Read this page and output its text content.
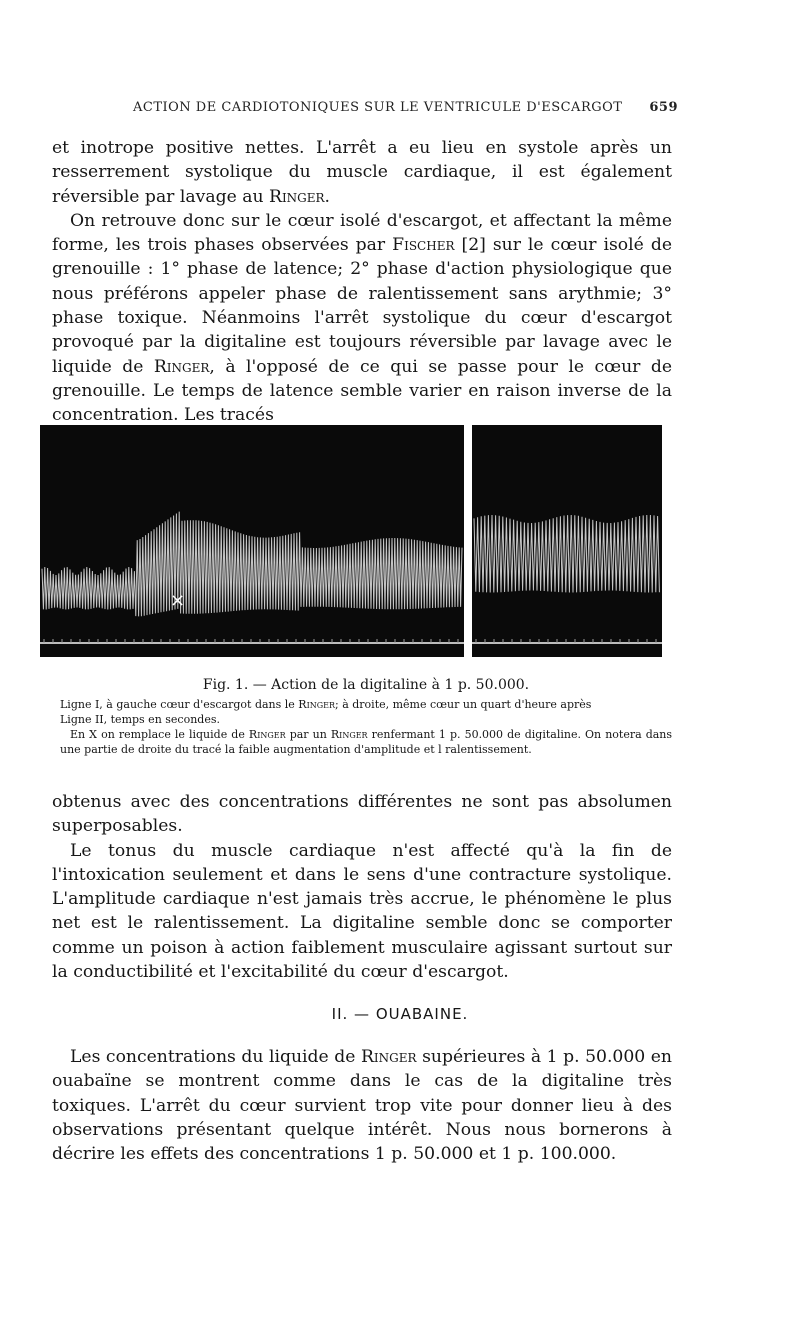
ACTION DE CARDIOTONIQUES SUR LE VENTRICULE D'ESCARGOT 659

et inotrope positive nettes. L'arrêt a eu lieu en systole après un resserrement systolique du muscle cardiaque, il est également réversible par lavage au Ringer.

On retrouve donc sur le cœur isolé d'escargot, et affectant la même forme, les trois phases observées par Fischer [2] sur le cœur isolé de grenouille : 1° phase de latence; 2° phase d'action physiologique que nous préférons appeler phase de ralentissement sans arythmie; 3° phase toxique. Néanmoins l'arrêt systolique du cœur d'escargot provoqué par la digitaline est toujours réversible par lavage avec le liquide de Ringer, à l'opposé de ce qui se passe pour le cœur de grenouille. Le temps de latence semble varier en raison inverse de la concentration. Les tracés

×
Fig. 1. — Action de la digitaline à 1 p. 50.000.

Ligne I, à gauche cœur d'escargot dans le Ringer; à droite, même cœur un quart d'heure après

Ligne II, temps en secondes.

En X on remplace le liquide de Ringer par un Ringer renfermant 1 p. 50.000 de digitaline. On notera dans une partie de droite du tracé la faible augmentation d'amplitude et l ralentissement.

obtenus avec des concentrations différentes ne sont pas absolumen superposables.

Le tonus du muscle cardiaque n'est affecté qu'à la fin de l'intoxication seulement et dans le sens d'une contracture systolique. L'amplitude cardiaque n'est jamais très accrue, le phénomène le plus net est le ralentissement. La digitaline semble donc se comporter comme un poison à action faiblement musculaire agissant surtout sur la conductibilité et l'excitabilité du cœur d'escargot.

II. — OUABAINE.

Les concentrations du liquide de Ringer supérieures à 1 p. 50.000 en ouabaïne se montrent comme dans le cas de la digitaline très toxiques. L'arrêt du cœur survient trop vite pour donner lieu à des observations présentant quelque intérêt. Nous nous bornerons à décrire les effets des concentrations 1 p. 50.000 et 1 p. 100.000.
